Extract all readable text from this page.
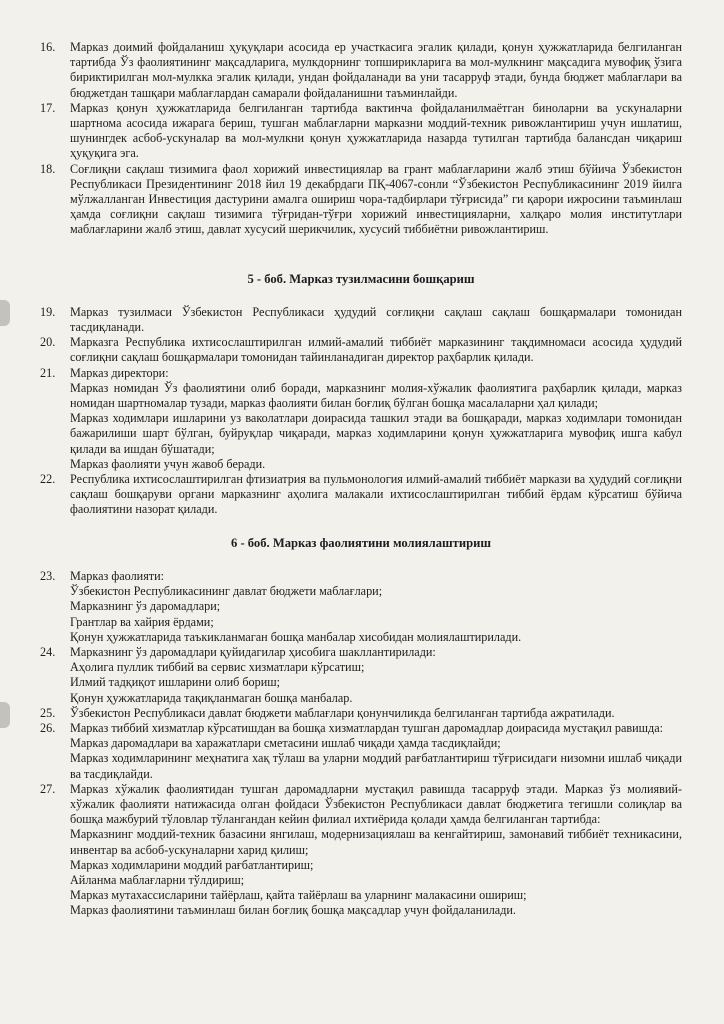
16.	Марказ доимий фойдаланиш ҳуқуқлари асосида ер участкасига эгалик қилади, қонун ҳужжатларида белгиланган тартибда Ўз фаолиятининг мақсадларига, мулкдорнинг топширикларига ва мол-мулкнинг мақсадига мувофиқ ўзига бириктирилган мол-мулкка эгалик қилади, ундан фойдаланади ва уни тасарруф этади, бунда бюджет маблағлари ва бюджетдан ташқари маблағлардан самарали фойдаланишни таъминлайди.
17.	Марказ қонун ҳужжатларида белгиланган тартибда вактинча фойдаланилмаётган биноларни ва ускуналарни шартнома асосида ижарага бериш, тушган маблағларни марказни моддий-техник ривожлантириш учун ишлатиш, шунингдек асбоб-ускуналар ва мол-мулкни қонун ҳужжатларида назарда тутилган тартибда балансдан чиқариш ҳуқуқига эга.
18.	Соғлиқни сақлаш тизимига фаол хорижий инвестициялар ва грант маблағларини жалб этиш бўйича Ўзбекистон Республикаси Президентининг 2018 йил 19 декабрдаги ПҚ-4067-сонли “Ўзбекистон Республикасининг 2019 йилга мўлжалланган Инвестиция дастурини амалга ошириш чора-тадбирлари тўғрисида” ги қарори ижросини таъминлаш ҳамда соғлиқни сақлаш тизимига тўғридан-тўғри хорижий инвестицияларни, халқаро молия институтлари маблағларини жалб этиш, давлат хусусий шерикчилик, хусусий тиббиётни ривожлантириш.
5 - боб. Марказ тузилмасини бошқариш
19.	Марказ тузилмаси Ўзбекистон Республикаси ҳудудий соғлиқни сақлаш сақлаш бошқармалари томонидан тасдиқланади.
20.	Марказга Республика ихтисослаштирилган илмий-амалий тиббиёт марказининг тақдимномаси асосида ҳудудий соғлиқни сақлаш бошқармалари томонидан тайинланадиган директор раҳбарлик қилади.
21.	Марказ директори:
Марказ номидан Ўз фаолиятини олиб боради, марказнинг молия-хўжалик фаолиятига раҳбарлик қилади, марказ номидан шартномалар тузади, марказ фаолияти билан боғлиқ бўлган бошқа масалаларни ҳал қилади;
Марказ ходимлари ишларини уз ваколатлари доирасида ташкил этади ва бошқаради, марказ ходимлари томонидан бажарилиши шарт бўлган, буйруқлар чиқаради, марказ ходимларини қонун ҳужжатларига мувофиқ ишга кабул қилади ва ишдан бўшатади;
Марказ фаолияти учун жавоб беради.
22.	Республика ихтисослаштирилган фтизиатрия ва пульмонология илмий-амалий тиббиёт маркази ва ҳудудий соғлиқни сақлаш бошқаруви органи марказнинг аҳолига малакали ихтисослаштирилган тиббий ёрдам кўрсатиш бўйича фаолиятини назорат қилади.
6 - боб. Марказ фаолиятини молиялаштириш
23.	Марказ фаолияти:
Ўзбекистон Республикасининг давлат бюджети маблағлари;
Марказнинг ўз даромадлари;
Грантлар ва хайрия ёрдами;
Қонун ҳужжатларида таъкикланмаган бошқа манбалар хисобидан молиялаштирилади.
24.	Марказнинг ўз даромадлари қуйидагилар ҳисобига шакллантирилади:
Аҳолига пуллик тиббий ва сервис хизматлари кўрсатиш;
Илмий тадқиқот ишларини олиб бориш;
Қонун ҳужжатларида тақиқланмаган бошқа манбалар.
25.	Ўзбекистон Республикаси давлат бюджети маблағлари қонунчиликда белгиланган тартибда ажратилади.
26.	Марказ тиббий хизматлар кўрсатишдан ва бошқа хизматлардан тушган даромадлар доирасида мустақил равишда:
Марказ даромадлари ва харажатлари сметасини ишлаб чиқади ҳамда тасдиқлайди;
Марказ ходимларининг меҳнатига хақ тўлаш ва уларни моддий рағбатлантириш тўғрисидаги низомни ишлаб чиқади ва тасдиқлайди.
27.	Марказ хўжалик фаолиятидан тушган даромадларни мустақил равишда тасарруф этади. Марказ ўз молиявий-хўжалик фаолияти натижасида олган фойдаси Ўзбекистон Республикаси давлат бюджетига тегишли солиқлар ва бошқа мажбурий тўловлар тўлангандан кейин филиал ихтиёрида қолади ҳамда белгиланган тартибда:
Марказнинг моддий-техник базасини янгилаш, модернизациялаш ва кенгайтириш, замонавий тиббиёт техникасини, инвентар ва асбоб-ускуналарни харид қилиш;
Марказ ходимларини моддий рағбатлантириш;
Айланма маблағларни тўлдириш;
Марказ мутахассисларини тайёрлаш, қайта тайёрлаш ва уларнинг малакасини ошириш;
Марказ фаолиятини таъминлаш билан боғлиқ бошқа мақсадлар учун фойдаланилади.
